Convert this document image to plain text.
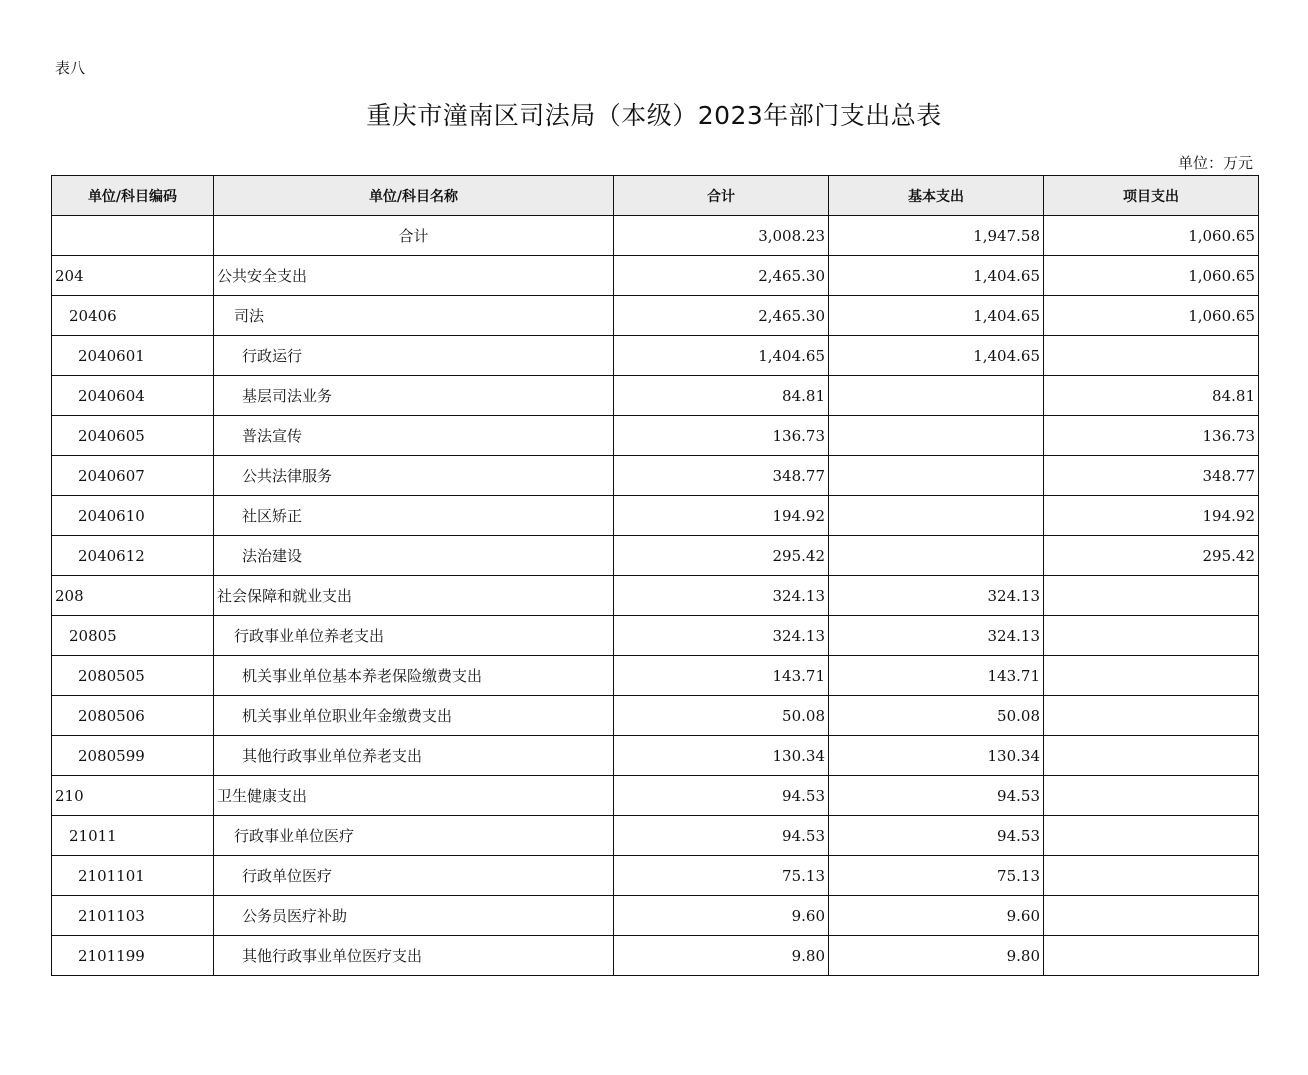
表八
重庆市潼南区司法局（本级）2023年部门支出总表
单位：万元
单位/科目编码	单位/科目名称	合计	基本支出	项目支出
	合计	3,008.23	1,947.58	1,060.65
204	公共安全支出	2,465.30	1,404.65	1,060.65
20406	司法	2,465.30	1,404.65	1,060.65
2040601	行政运行	1,404.65	1,404.65	
2040604	基层司法业务	84.81		84.81
2040605	普法宣传	136.73		136.73
2040607	公共法律服务	348.77		348.77
2040610	社区矫正	194.92		194.92
2040612	法治建设	295.42		295.42
208	社会保障和就业支出	324.13	324.13	
20805	行政事业单位养老支出	324.13	324.13	
2080505	机关事业单位基本养老保险缴费支出	143.71	143.71	
2080506	机关事业单位职业年金缴费支出	50.08	50.08	
2080599	其他行政事业单位养老支出	130.34	130.34	
210	卫生健康支出	94.53	94.53	
21011	行政事业单位医疗	94.53	94.53	
2101101	行政单位医疗	75.13	75.13	
2101103	公务员医疗补助	9.60	9.60	
2101199	其他行政事业单位医疗支出	9.80	9.80	
